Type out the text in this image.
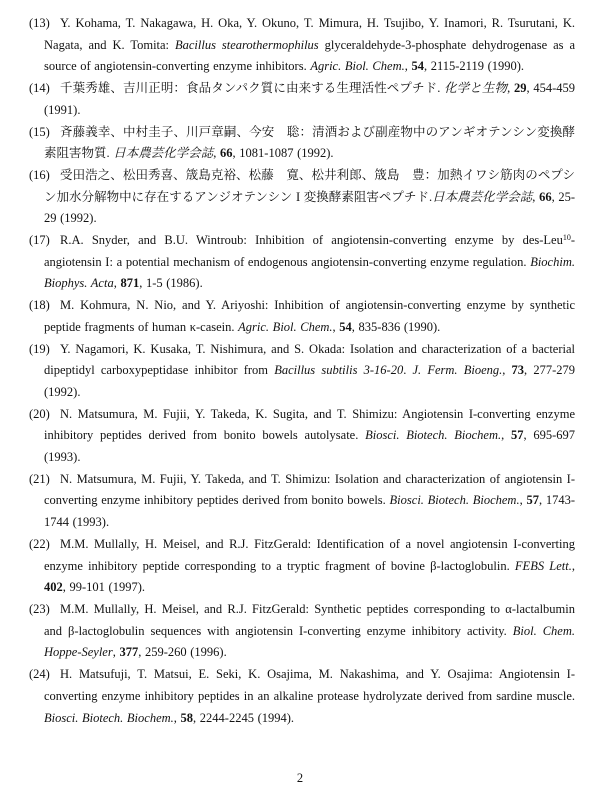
(13) Y. Kohama, T. Nakagawa, H. Oka, Y. Okuno, T. Mimura, H. Tsujibo, Y. Inamori, R. Tsurutani, K. Nagata, and K. Tomita: Bacillus stearothermophilus glyceraldehyde-3-phosphate dehydrogenase as a source of angiotensin-converting enzyme inhibitors. Agric. Biol. Chem., 54, 2115-2119 (1990).
(14) 千葉秀雄、吉川正明：食品タンパク質に由来する生理活性ペプチド. 化学と生物, 29, 454-459 (1991).
(15) 斉藤義幸、中村圭子、川戸章嗣、今安　聡：清酒および副産物中のアンギオテンシン変換酵素阻害物質. 日本農芸化学会誌, 66, 1081-1087 (1992).
(16) 受田浩之、松田秀喜、筬島克裕、松藤　寛、松井利郎、筬島　豊：加熱イワシ筋肉のペプシン加水分解物中に存在するアンジオテンシン I 変換酵素阻害ペプチド.日本農芸化学会誌, 66, 25-29 (1992).
(17) R.A. Snyder, and B.U. Wintroub: Inhibition of angiotensin-converting enzyme by des-Leu$^{10}$-angiotensin I: a potential mechanism of endogenous angiotensin-converting enzyme regulation. Biochim. Biophys. Acta, 871, 1-5 (1986).
(18) M. Kohmura, N. Nio, and Y. Ariyoshi: Inhibition of angiotensin-converting enzyme by synthetic peptide fragments of human κ-casein. Agric. Biol. Chem., 54, 835-836 (1990).
(19) Y. Nagamori, K. Kusaka, T. Nishimura, and S. Okada: Isolation and characterization of a bacterial dipeptidyl carboxypeptidase inhibitor from Bacillus subtilis 3-16-20. J. Ferm. Bioeng., 73, 277-279 (1992).
(20) N. Matsumura, M. Fujii, Y. Takeda, K. Sugita, and T. Shimizu: Angiotensin I-converting enzyme inhibitory peptides derived from bonito bowels autolysate. Biosci. Biotech. Biochem., 57, 695-697 (1993).
(21) N. Matsumura, M. Fujii, Y. Takeda, and T. Shimizu: Isolation and characterization of angiotensin I-converting enzyme inhibitory peptides derived from bonito bowels. Biosci. Biotech. Biochem., 57, 1743-1744 (1993).
(22) M.M. Mullally, H. Meisel, and R.J. FitzGerald: Identification of a novel angiotensin I-converting enzyme inhibitory peptide corresponding to a tryptic fragment of bovine β-lactoglobulin. FEBS Lett., 402, 99-101 (1997).
(23) M.M. Mullally, H. Meisel, and R.J. FitzGerald: Synthetic peptides corresponding to α-lactalbumin and β-lactoglobulin sequences with angiotensin I-converting enzyme inhibitory activity. Biol. Chem. Hoppe-Seyler, 377, 259-260 (1996).
(24) H. Matsufuji, T. Matsui, E. Seki, K. Osajima, M. Nakashima, and Y. Osajima: Angiotensin I-converting enzyme inhibitory peptides in an alkaline protease hydrolyzate derived from sardine muscle. Biosci. Biotech. Biochem., 58, 2244-2245 (1994).
2
